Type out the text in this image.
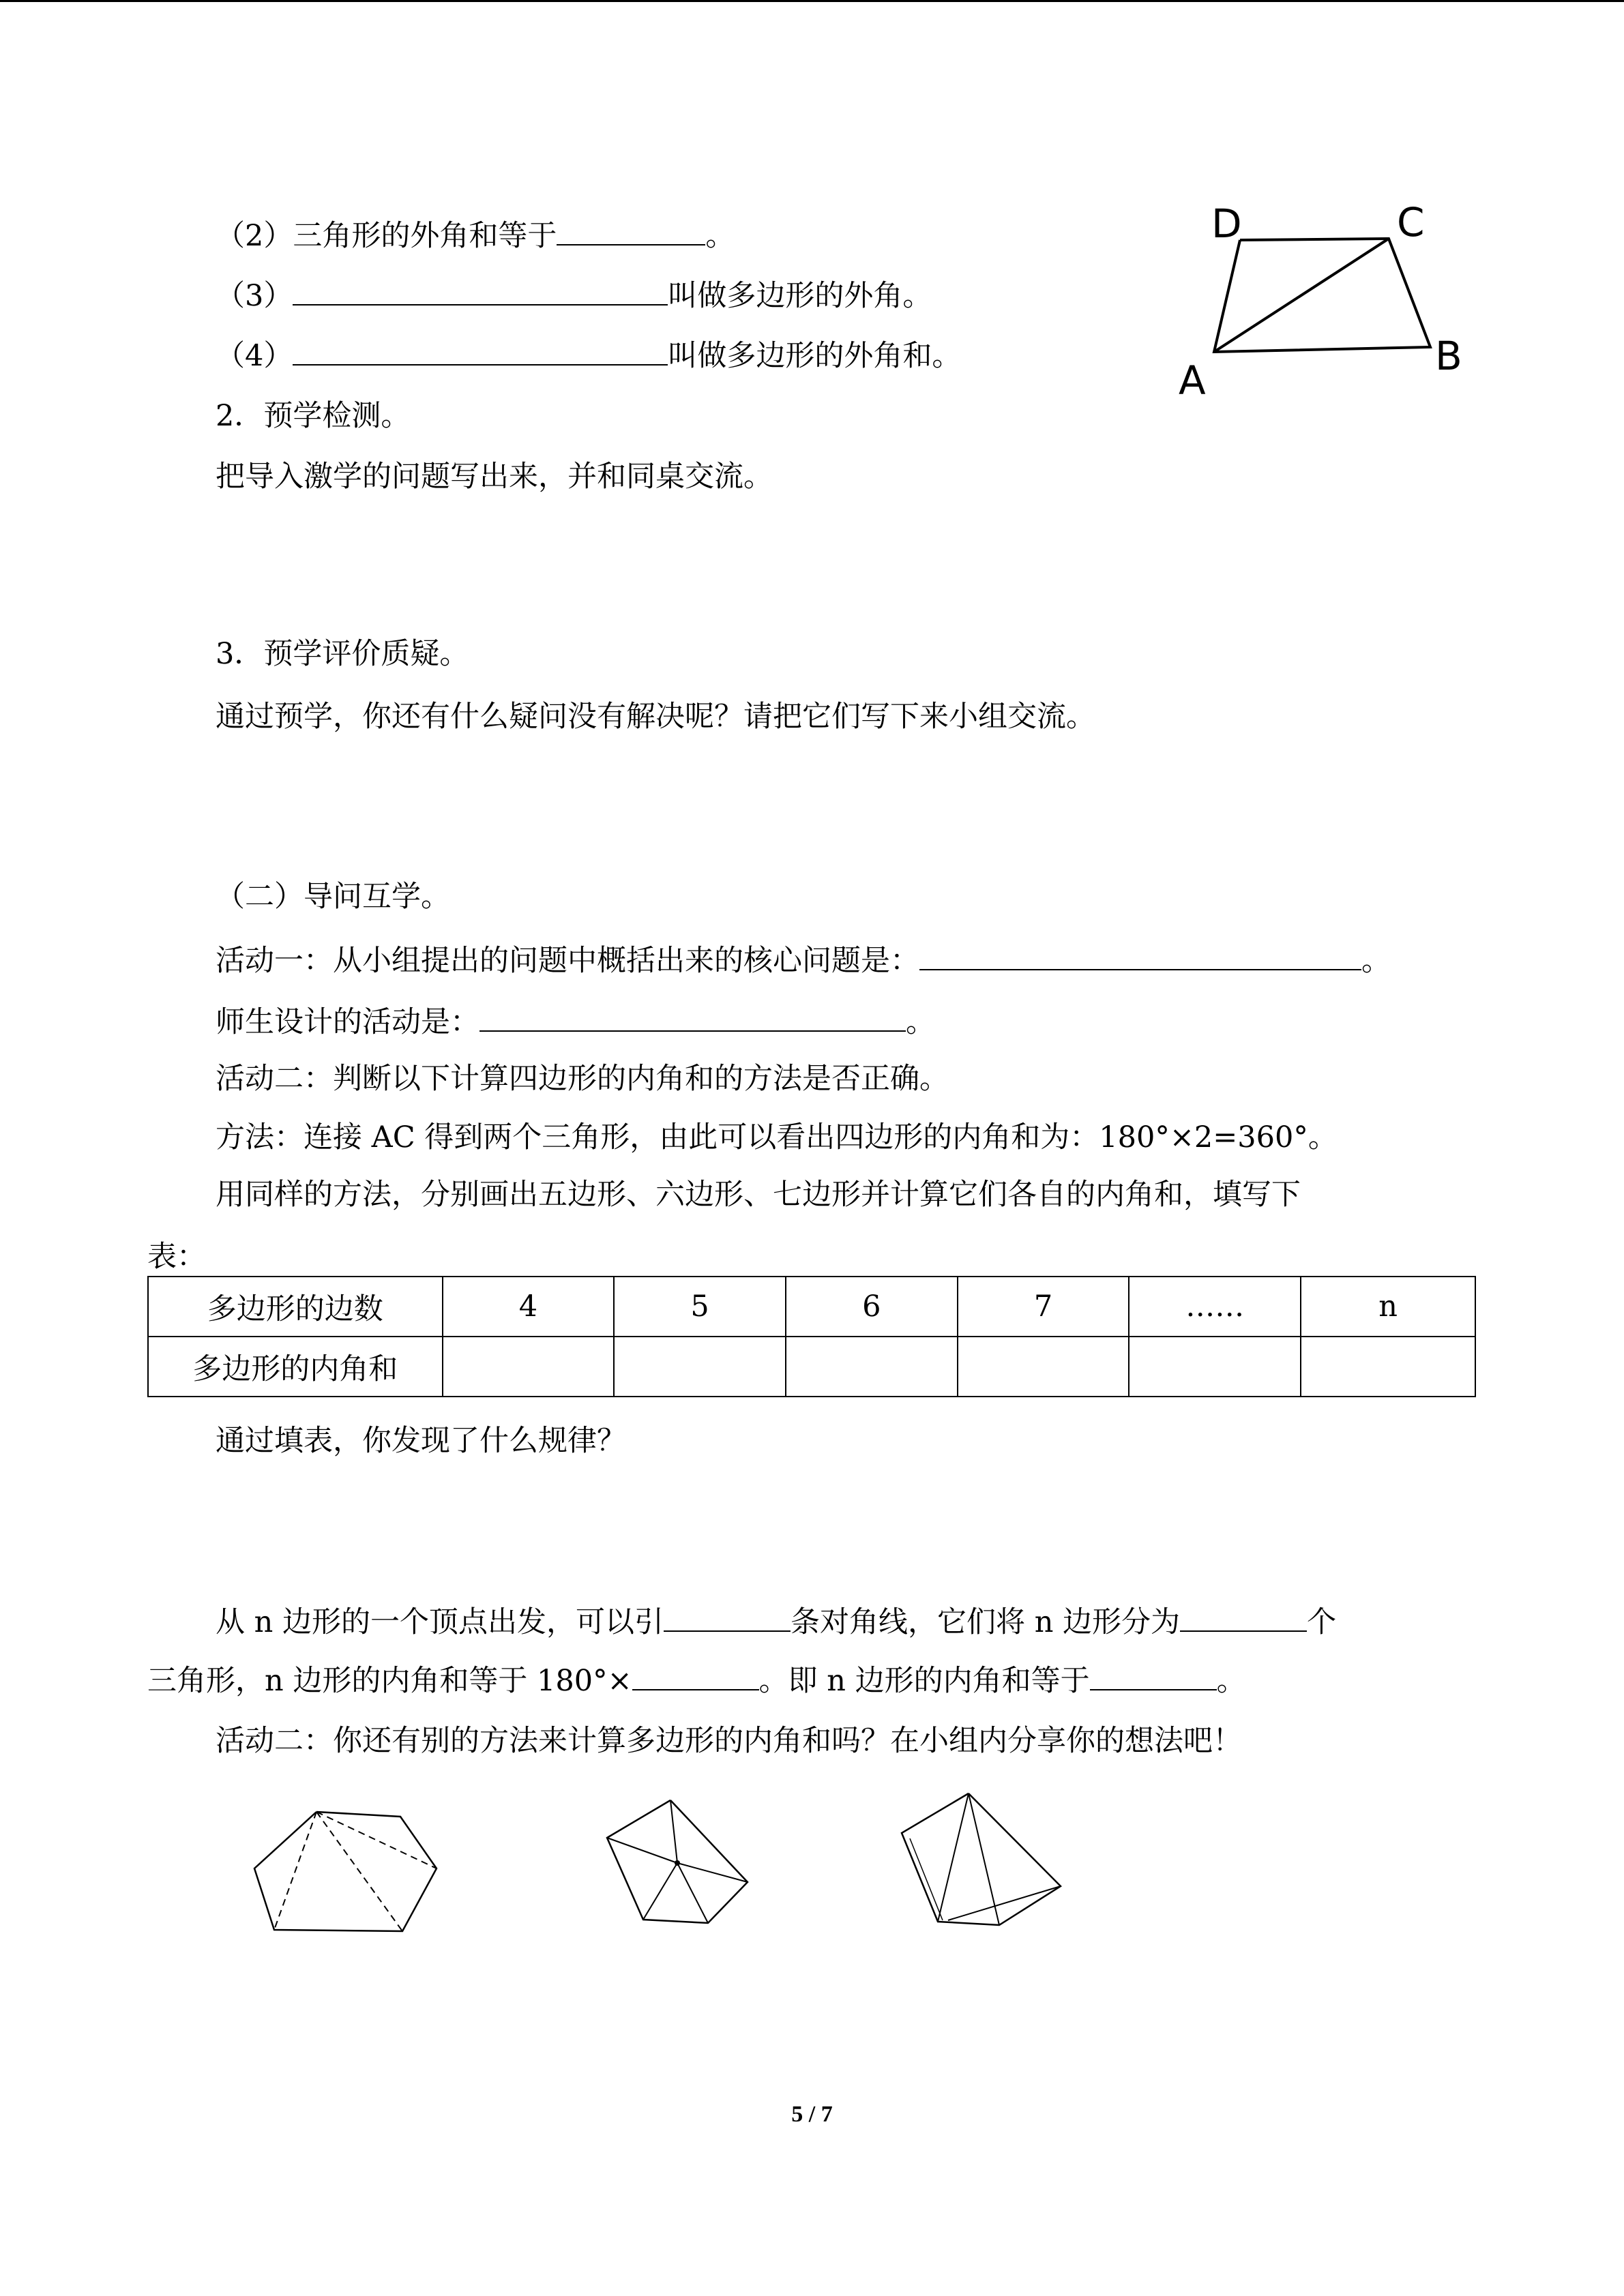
（2）三角形的外角和等于	。
（3）	叫做多边形的外角。
（4）	叫做多边形的外角和。
2．预学检测。
把导入激学的问题写出来，并和同桌交流。
3．预学评价质疑。
通过预学，你还有什么疑问没有解决呢？请把它们写下来小组交流。
D	C
A
B
（二）导问互学。
活动一：从小组提出的问题中概括出来的核心问题是：	。
师生设计的活动是：	。
活动二：判断以下计算四边形的内角和的方法是否正确。
方法：连接 AC 得到两个三角形，由此可以看出四边形的内角和为：180°×2=360°。
用同样的方法，分别画出五边形、六边形、七边形并计算它们各自的内角和，填写下
表：
多边形的边数	4	5	6	7	……	n
多边形的内角和						
通过填表，你发现了什么规律？
从 n 边形的一个顶点出发，可以引	条对角线，它们将 n 边形分为	个
三角形，n 边形的内角和等于 180°×	。即 n 边形的内角和等于	。
活动二：你还有别的方法来计算多边形的内角和吗？在小组内分享你的想法吧！
5 / 7
